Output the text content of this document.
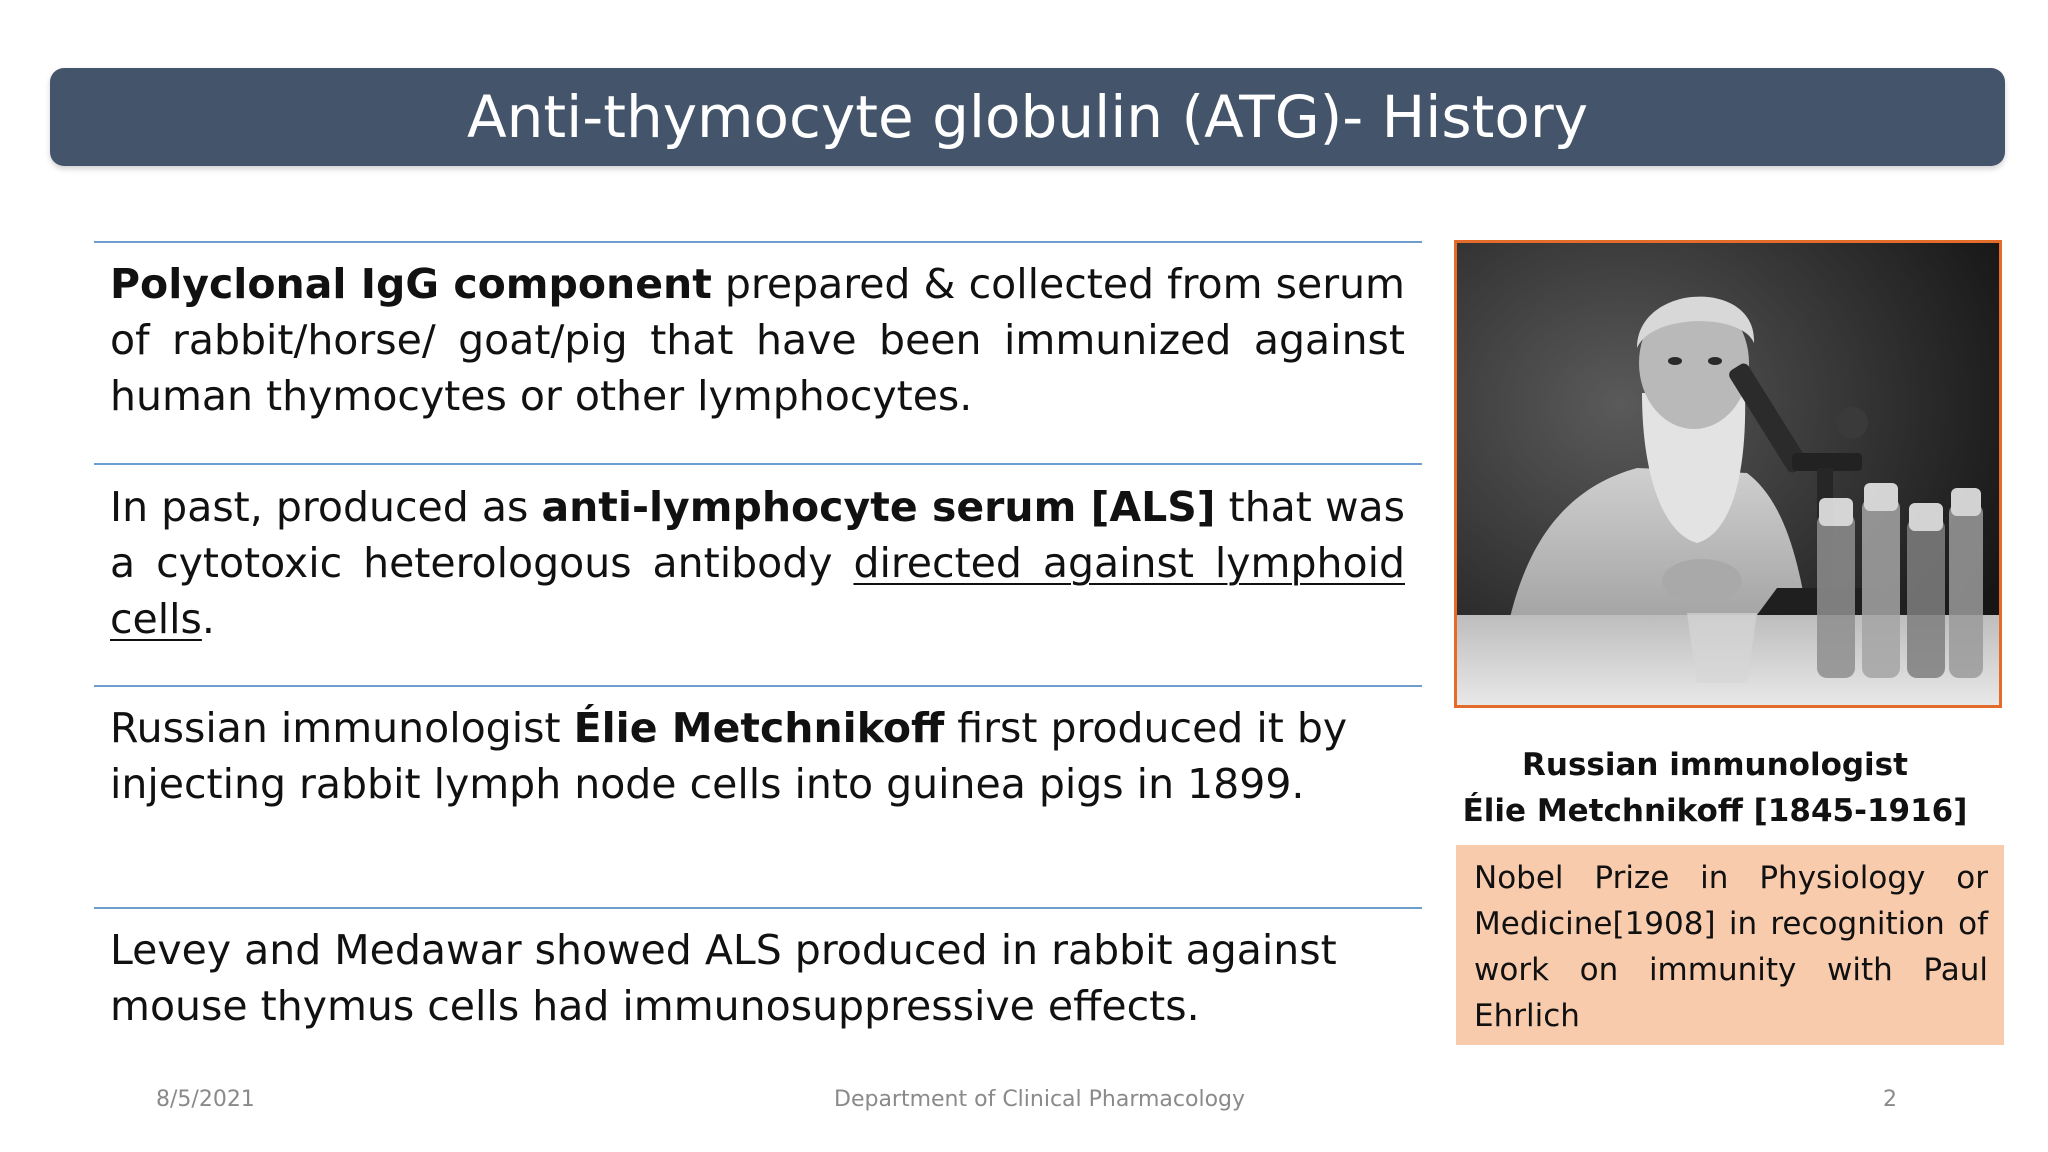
Anti-thymocyte globulin (ATG)- History
Polyclonal IgG component prepared & collected from serum of rabbit/horse/ goat/pig that have been immunized against human thymocytes or other lymphocytes.
In past, produced as anti-lymphocyte serum [ALS] that was a cytotoxic heterologous antibody directed against lymphoid cells.
Russian immunologist Élie Metchnikoff first produced it by injecting rabbit lymph node cells into guinea pigs in 1899.
Levey and Medawar showed ALS produced in rabbit against mouse thymus cells had immunosuppressive effects.
Russian immunologist
Élie Metchnikoff [1845-1916]
Nobel Prize in Physiology or Medicine[1908] in recognition of work on immunity with Paul Ehrlich
8/5/2021	Department of Clinical Pharmacology	2
